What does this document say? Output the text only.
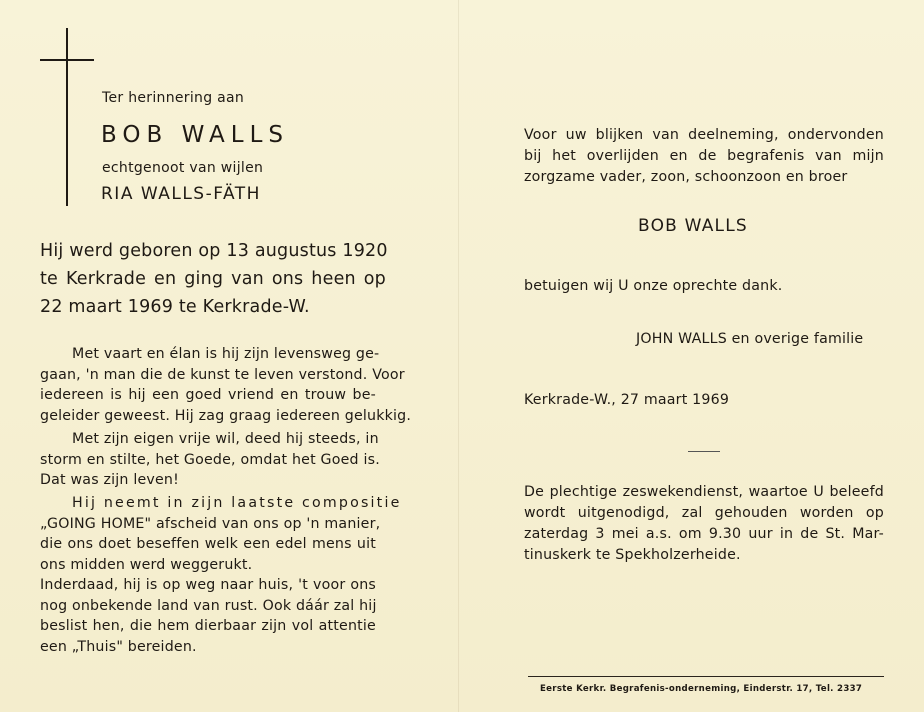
Ter herinnering aan
BOB WALLS
echtgenoot van wijlen
RIA WALLS-FÄTH
Hij werd geboren op 13 augustus 1920
te Kerkrade en ging van ons heen op
22 maart 1969 te Kerkrade-W.
Met vaart en élan is hij zijn levensweg ge-
gaan, 'n man die de kunst te leven verstond. Voor
iedereen is hij een goed vriend en trouw be-
geleider geweest. Hij zag graag iedereen gelukkig.
Met zijn eigen vrije wil, deed hij steeds, in
storm en stilte, het Goede, omdat het Goed is.
Dat was zijn leven!
Hij neemt in zijn laatste compositie
„GOING HOME" afscheid van ons op 'n manier,
die ons doet beseffen welk een edel mens uit
ons midden werd weggerukt.
Inderdaad, hij is op weg naar huis, 't voor ons
nog onbekende land van rust. Ook dáár zal hij
beslist hen, die hem dierbaar zijn vol attentie
een „Thuis" bereiden.
Voor uw blijken van deelneming, ondervonden
bij het overlijden en de begrafenis van mijn
zorgzame vader, zoon, schoonzoon en broer
BOB WALLS
betuigen wij U onze oprechte dank.
JOHN WALLS en overige familie
Kerkrade-W., 27 maart 1969
De plechtige zeswekendienst, waartoe U beleefd
wordt uitgenodigd, zal gehouden worden op
zaterdag 3 mei a.s. om 9.30 uur in de St. Mar-
tinuskerk te Spekholzerheide.
Eerste Kerkr. Begrafenis-onderneming, Einderstr. 17, Tel. 2337
